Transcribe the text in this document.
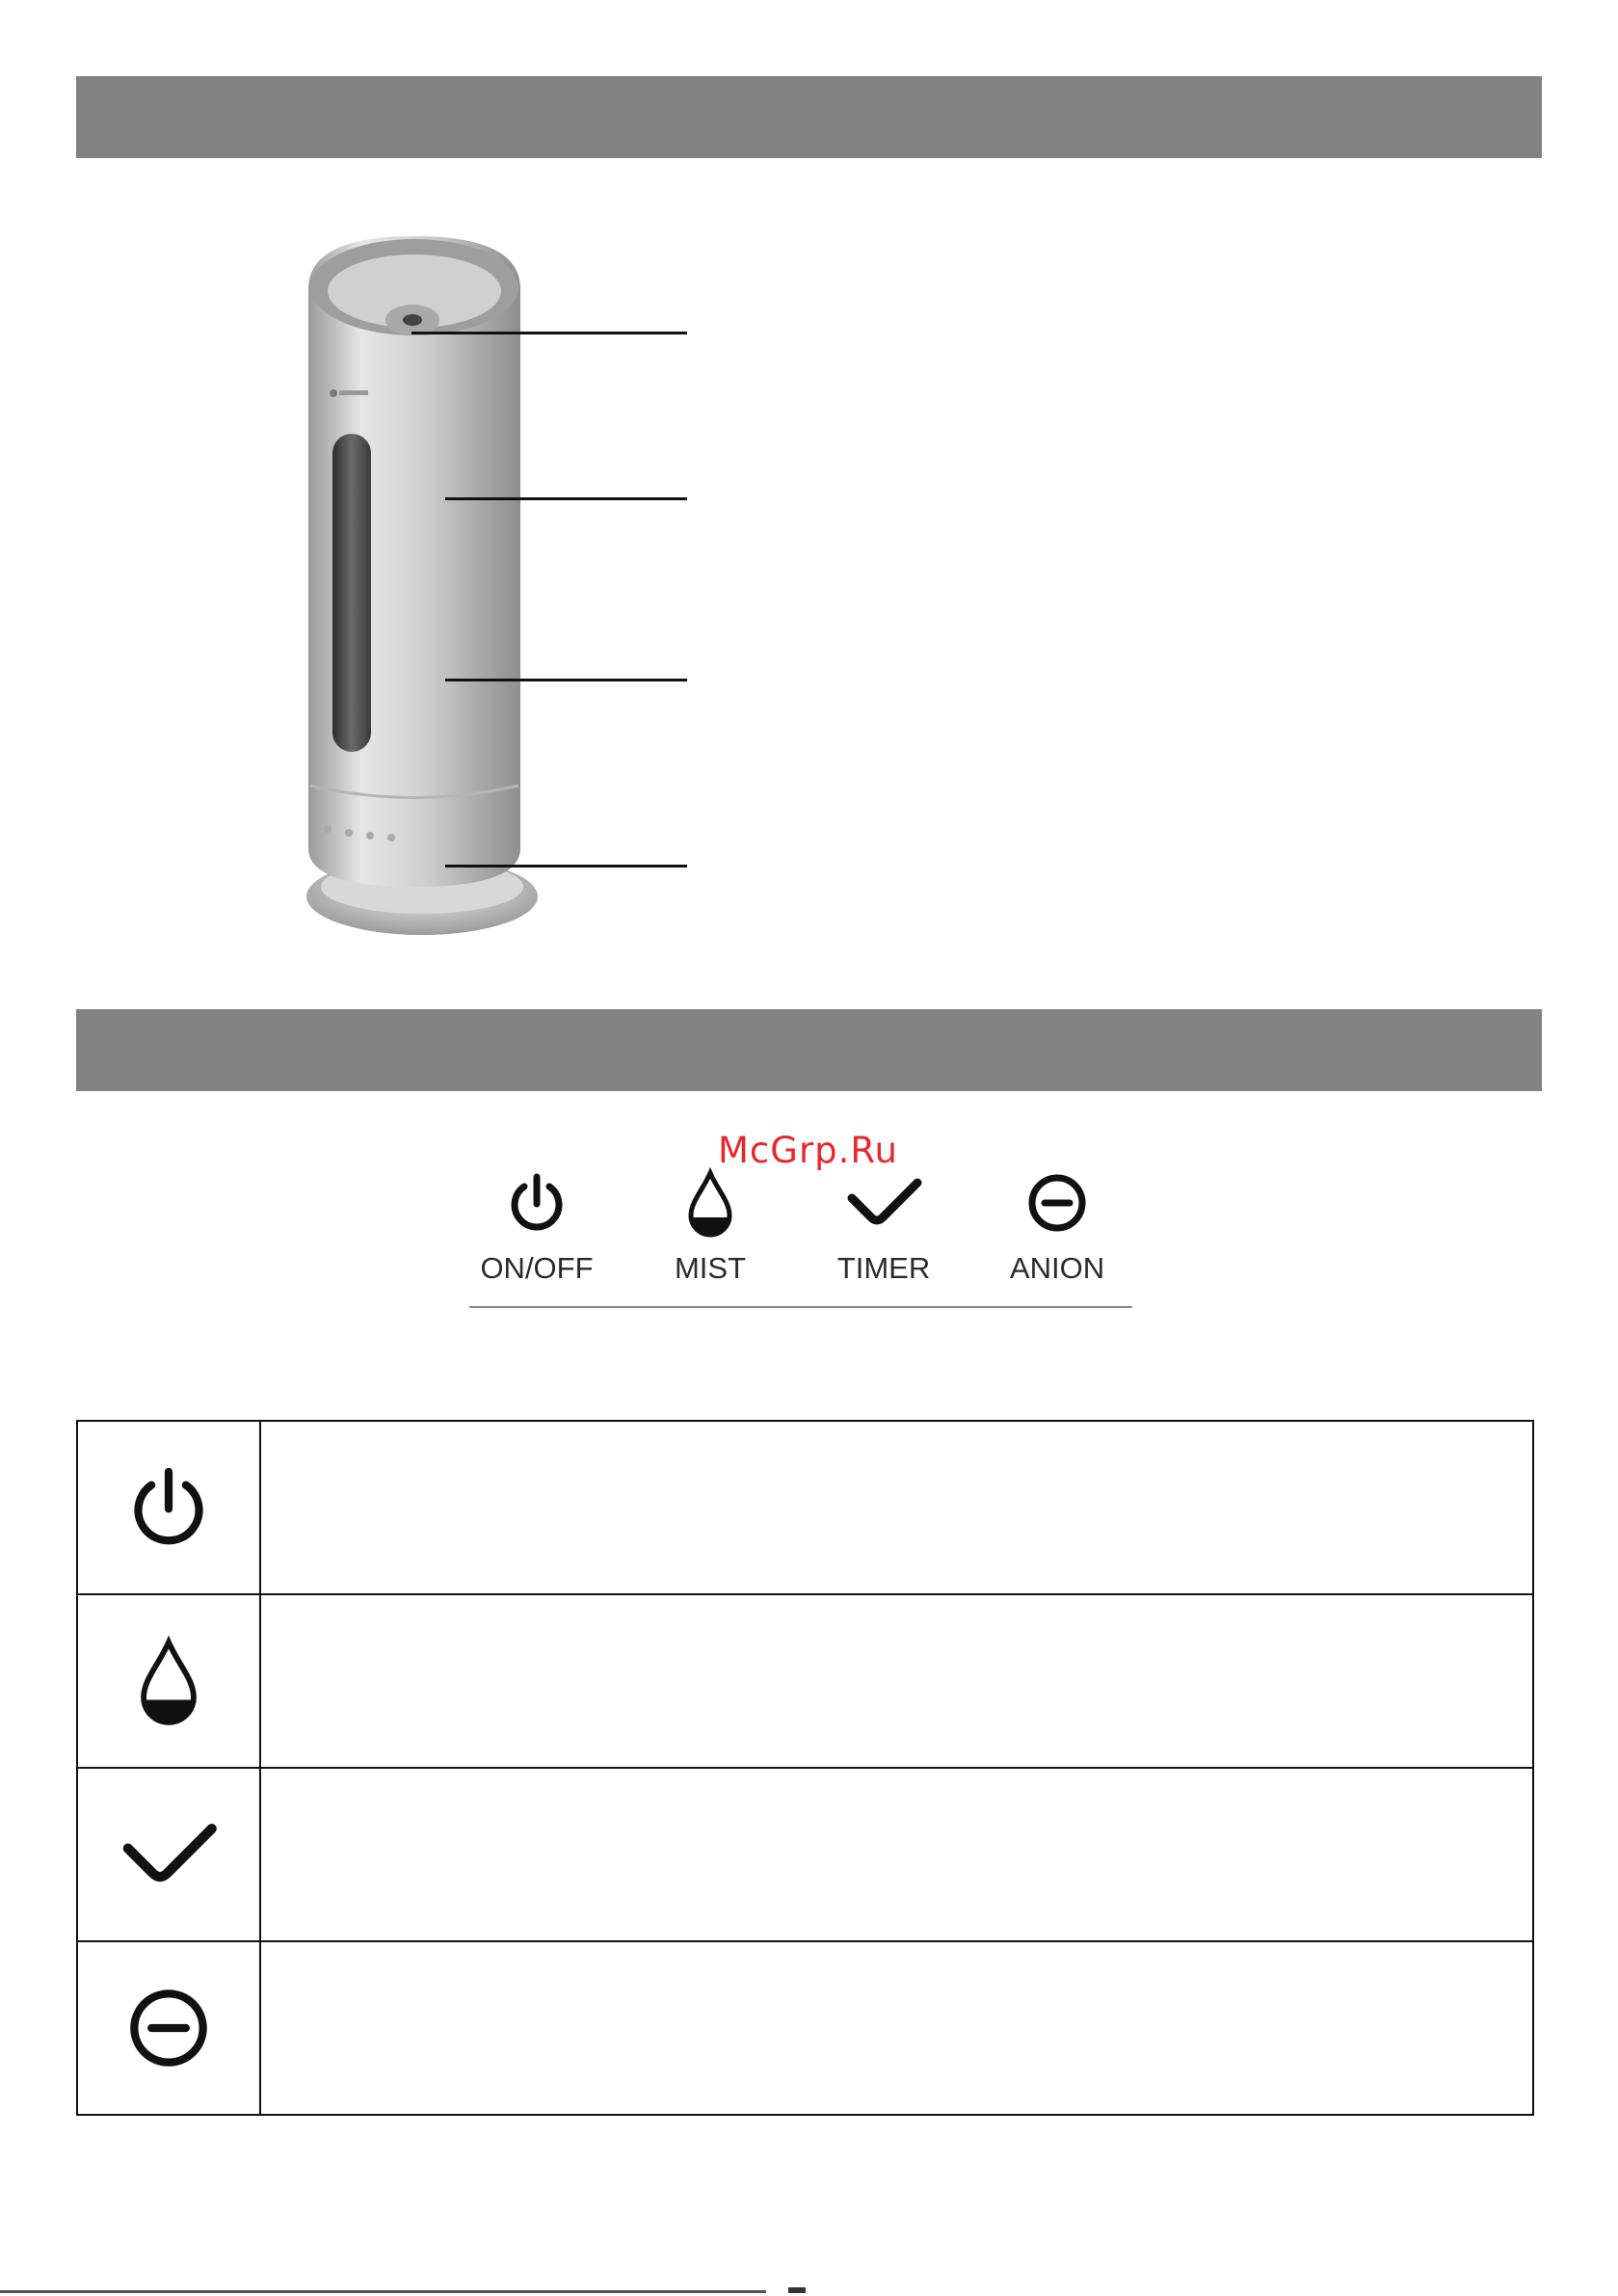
ON/OFF	MIST	TIMER	ANION
McGrp.Ru
